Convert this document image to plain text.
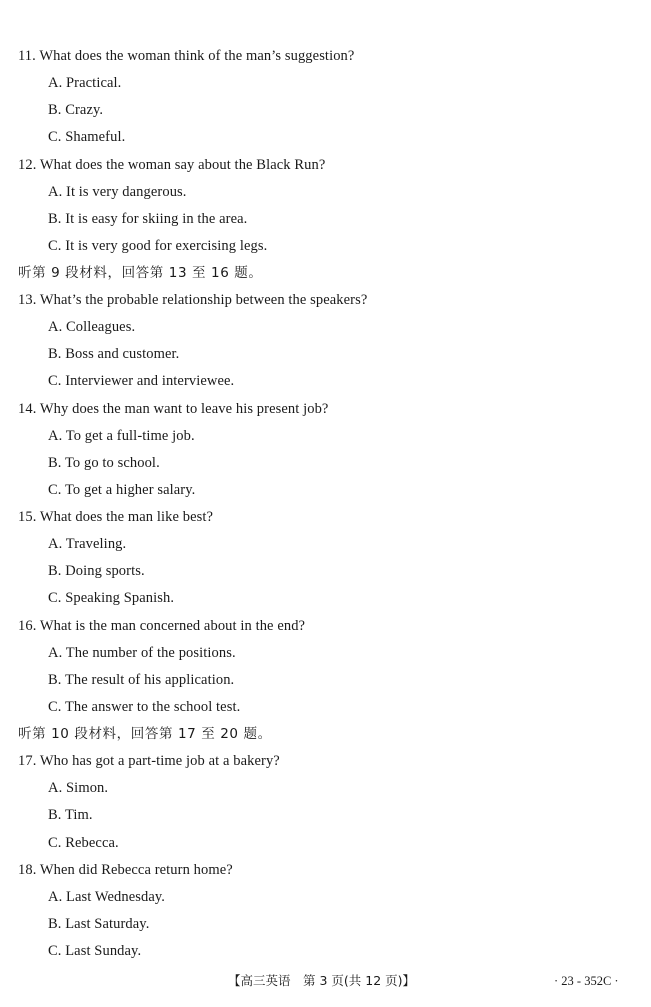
11. What does the woman think of the man’s suggestion?
A. Practical.
B. Crazy.
C. Shameful.
12. What does the woman say about the Black Run?
A. It is very dangerous.
B. It is easy for skiing in the area.
C. It is very good for exercising legs.
听第 9 段材料，回答第 13 至 16 题。
13. What’s the probable relationship between the speakers?
A. Colleagues.
B. Boss and customer.
C. Interviewer and interviewee.
14. Why does the man want to leave his present job?
A. To get a full-time job.
B. To go to school.
C. To get a higher salary.
15. What does the man like best?
A. Traveling.
B. Doing sports.
C. Speaking Spanish.
16. What is the man concerned about in the end?
A. The number of the positions.
B. The result of his application.
C. The answer to the school test.
听第 10 段材料，回答第 17 至 20 题。
17. Who has got a part-time job at a bakery?
A. Simon.
B. Tim.
C. Rebecca.
18. When did Rebecca return home?
A. Last Wednesday.
B. Last Saturday.
C. Last Sunday.
【高三英语　第 3 页(共 12 页)】	· 23 - 352C ·
